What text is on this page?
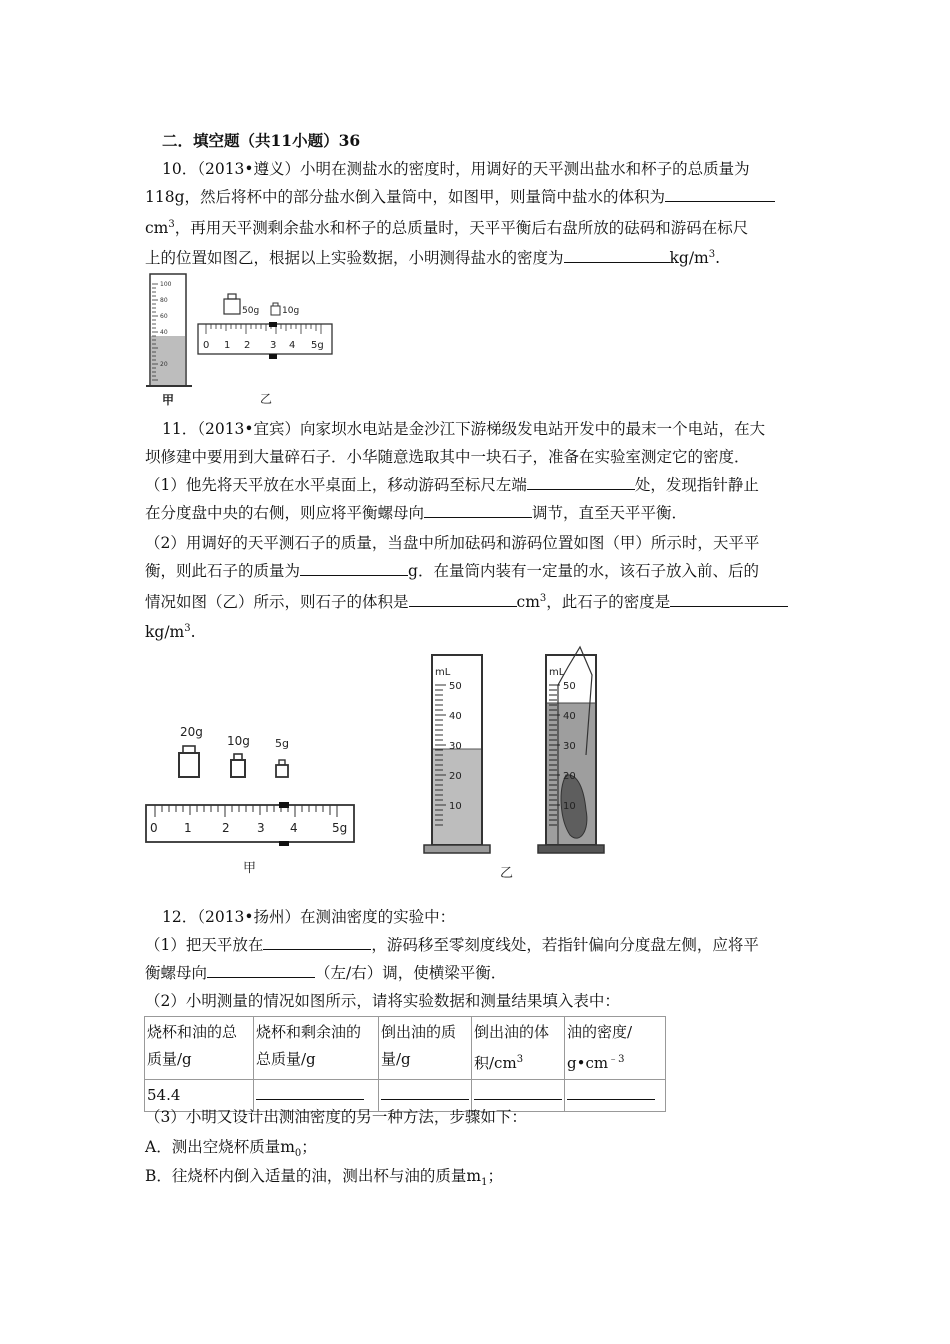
二．填空题（共11小题）36
10．（2013•遵义）小明在测盐水的密度时，用调好的天平测出盐水和杯子的总质量为
118g，然后将杯中的部分盐水倒入量筒中，如图甲，则量筒中盐水的体积为
$cm^3$，再用天平测剩余盐水和杯子的总质量时，天平平衡后右盘所放的砝码和游码在标尺
上的位置如图乙，根据以上实验数据，小明测得盐水的密度为	$kg/m^3$.
100
80
60
40
20
甲
50g	10g
0 1 2 3 4 5g
乙
11．（2013•宜宾）向家坝水电站是金沙江下游梯级发电站开发中的最末一个电站，在大
坝修建中要用到大量碎石子．小华随意选取其中一块石子，准备在实验室测定它的密度．
（1）他先将天平放在水平桌面上，移动游码至标尺左端	处，发现指针静止
在分度盘中央的右侧，则应将平衡螺母向	调节，直至天平平衡．
（2）用调好的天平测石子的质量，当盘中所加砝码和游码位置如图（甲）所示时，天平平
衡，则此石子的质量为	g．在量筒内装有一定量的水，该石子放入前、后的
情况如图（乙）所示，则石子的体积是	$cm^3$，此石子的密度是
$kg/m^3$.
20g
10g 5g
0 1	2 3 4	5g
甲
mL
50
40
30
20
10
mL
50
40
30
20
10
乙
12．（2013•扬州）在测油密度的实验中：
（1）把天平放在	，游码移至零刻度线处，若指针偏向分度盘左侧，应将平
衡螺母向	（左/右）调，使横梁平衡．
（2）小明测量的情况如图所示，请将实验数据和测量结果填入表中：
烧杯和油的总
质量/g	烧杯和剩余油的
总质量/g	倒出油的质
量/g	倒出油的体
积$/cm^3$	油的密度/
$g•cm^{﹣3}$
54.4				
（3）小明又设计出测油密度的另一种方法，步骤如下：
A．测出空烧杯质量$m_0$；
B．往烧杯内倒入适量的油，测出杯与油的质量$m_1$；
